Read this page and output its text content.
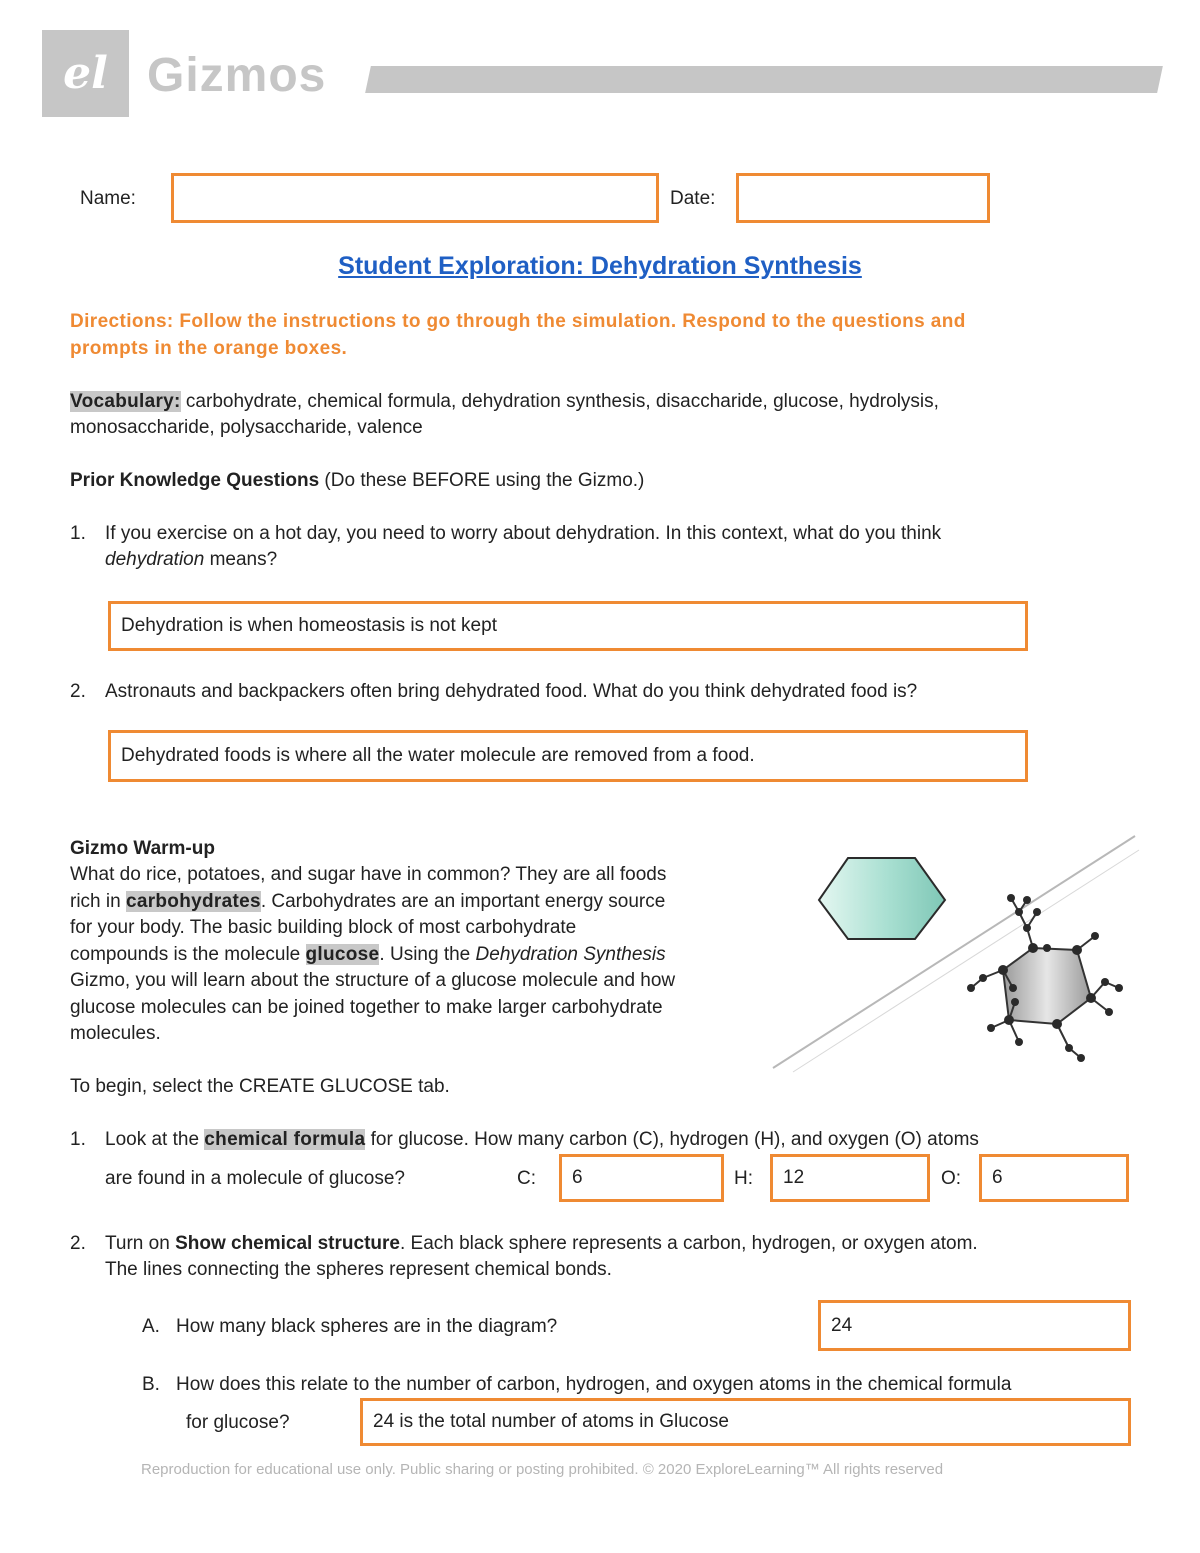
el Gizmos
Name:	Date:
Student Exploration: Dehydration Synthesis
Directions: Follow the instructions to go through the simulation. Respond to the questions and
prompts in the orange boxes.
Vocabulary: carbohydrate, chemical formula, dehydration synthesis, disaccharide, glucose, hydrolysis,
monosaccharide, polysaccharide, valence
Prior Knowledge Questions (Do these BEFORE using the Gizmo.)
1. If you exercise on a hot day, you need to worry about dehydration. In this context, what do you think
dehydration means?
Dehydration is when homeostasis is not kept
2. Astronauts and backpackers often bring dehydrated food. What do you think dehydrated food is?
Dehydrated foods is where all the water molecule are removed from a food.
Gizmo Warm-up
What do rice, potatoes, and sugar have in common? They are all foods
rich in carbohydrates. Carbohydrates are an important energy source
for your body. The basic building block of most carbohydrate
compounds is the molecule glucose. Using the Dehydration Synthesis
Gizmo, you will learn about the structure of a glucose molecule and how
glucose molecules can be joined together to make larger carbohydrate
molecules.
To begin, select the CREATE GLUCOSE tab.
1. Look at the chemical formula for glucose. How many carbon (C), hydrogen (H), and oxygen (O) atoms
are found in a molecule of glucose?	C: 6	H: 12	O: 6
2. Turn on Show chemical structure. Each black sphere represents a carbon, hydrogen, or oxygen atom.
The lines connecting the spheres represent chemical bonds.
A. How many black spheres are in the diagram?	24
B. How does this relate to the number of carbon, hydrogen, and oxygen atoms in the chemical formula
for glucose?	24 is the total number of atoms in Glucose
Reproduction for educational use only. Public sharing or posting prohibited. © 2020 ExploreLearning™ All rights reserved
